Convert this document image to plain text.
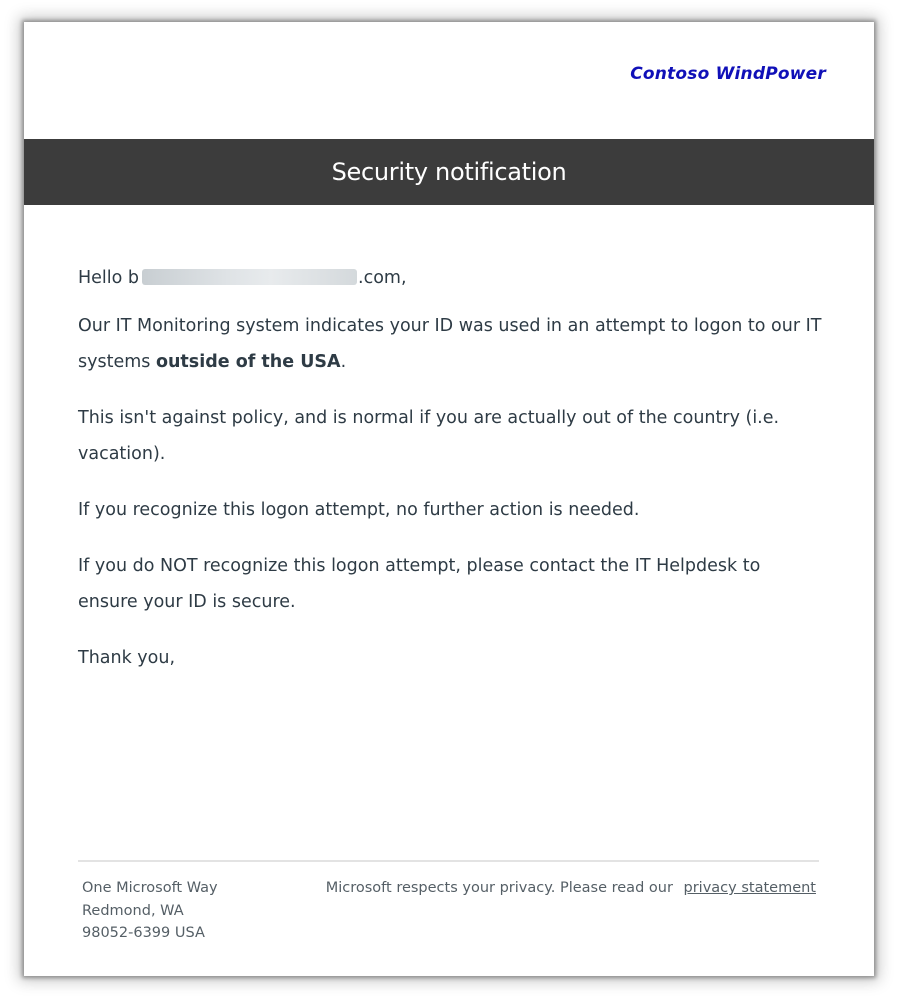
Contoso WindPower
Security notification

Hello b	.com,

Our IT Monitoring system indicates your ID was used in an attempt to logon to our IT systems outside of the USA.

This isn't against policy, and is normal if you are actually out of the country (i.e. vacation).

If you recognize this logon attempt, no further action is needed.

If you do NOT recognize this logon attempt, please contact the IT Helpdesk to ensure your ID is secure.

Thank you,

One Microsoft Way
Redmond, WA
98052-6399 USA
Microsoft respects your privacy. Please read our privacy statement
